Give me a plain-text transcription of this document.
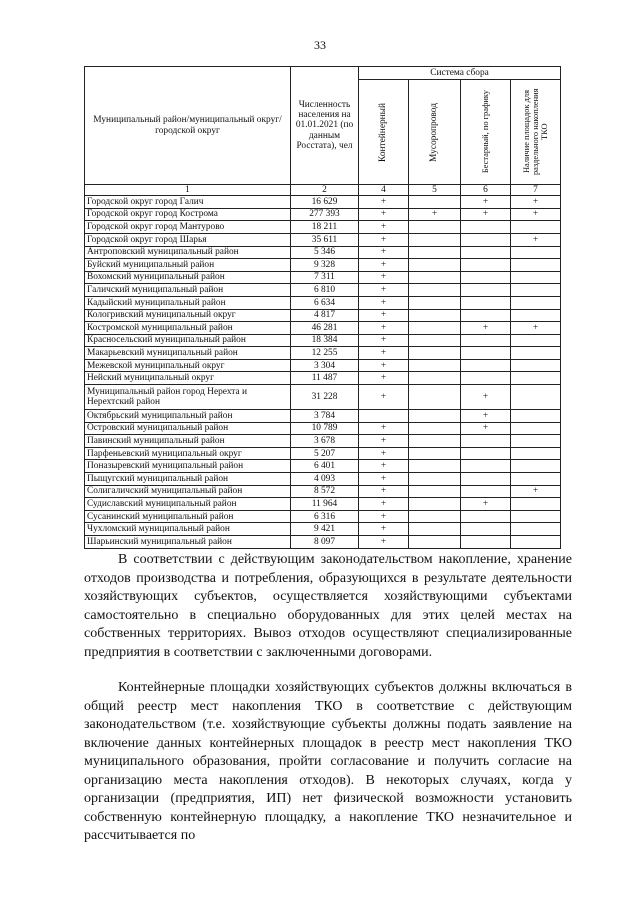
33
Муниципальный район/муниципальный округ/ городской округ	Численность населения на 01.01.2021 (по данным Росстата), чел	Система сбора			

		Контейнерный	Мусоропровод	Бестарный, по графику	Наличие площадок для раздельного накопления ТКО

1	2	4	5	6	7
Городской округ город Галич	16 629	+		+	+
Городской округ город Кострома	277 393	+	+	+	+
Городской округ город Мантурово	18 211	+			
Городской округ город Шарья	35 611	+			+
Антроповский муниципальный район	5 346	+			
Буйский муниципальный район	9 328	+			
Вохомский муниципальный район	7 311	+			
Галичский муниципальный район	6 810	+			
Кадыйский муниципальный район	6 634	+			
Кологривский муниципальный округ	4 817	+			
Костромской муниципальный район	46 281	+		+	+
Красносельский муниципальный район	18 384	+			
Макарьевский муниципальный район	12 255	+			
Межевской муниципальный округ	3 304	+			
Нейский муниципальный округ	11 487	+			
Муниципальный район город Нерехта и Нерехтский район	31 228	+		+	
Октябрьский муниципальный район	3 784			+	
Островский муниципальный район	10 789	+		+	
Павинский муниципальный район	3 678	+			
Парфеньевский муниципальный округ	5 207	+			
Поназыревский муниципальный район	6 401	+			
Пыщугский муниципальный район	4 093	+			
Солигаличский муниципальный район	8 572	+			+
Судиславский муниципальный район	11 964	+		+	
Сусанинский муниципальный район	6 316	+			
Чухломский муниципальный район	9 421	+			
Шарьинский муниципальный район	8 097	+			

В соответствии с действующим законодательством накопление, хранение отходов производства и потребления, образующихся в результате деятельности хозяйствующих субъектов, осуществляется хозяйствующими субъектами самостоятельно в специально оборудованных для этих целей местах на собственных территориях. Вывоз отходов осуществляют специализированные предприятия в соответствии с заключенными договорами.

Контейнерные площадки хозяйствующих субъектов должны включаться в общий реестр мест накопления ТКО в соответствие с действующим законодательством (т.е. хозяйствующие субъекты должны подать заявление на включение данных контейнерных площадок в реестр мест накопления ТКО муниципального образования, пройти согласование и получить согласие на организацию места накопления отходов). В некоторых случаях, когда у организации (предприятия, ИП) нет физической возможности установить собственную контейнерную площадку, а накопление ТКО незначительное и рассчитывается по
